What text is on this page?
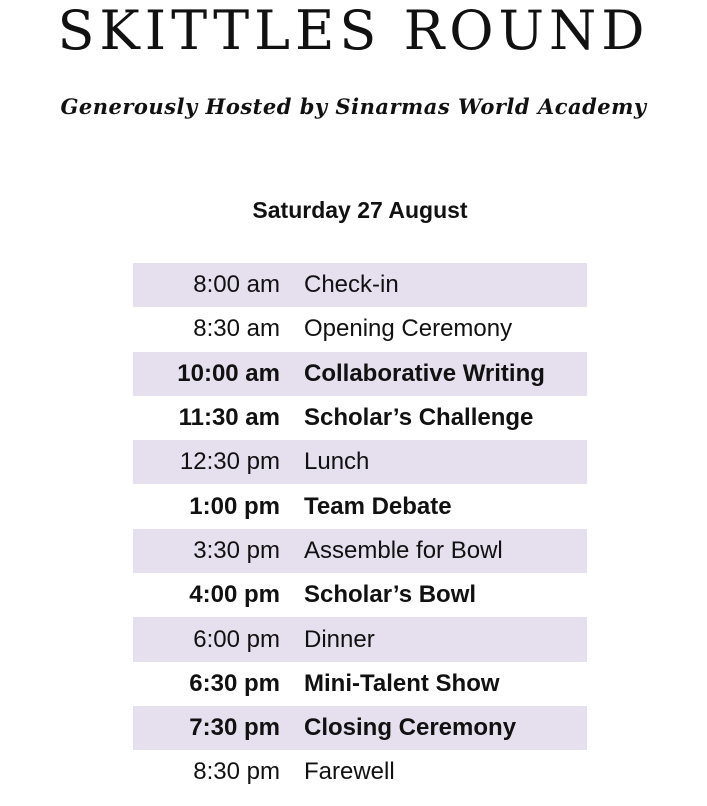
SKITTLES ROUND
Generously Hosted by Sinarmas World Academy
Saturday 27 August
8:00 am	Check-in
8:30 am	Opening Ceremony
10:00 am	Collaborative Writing
11:30 am	Scholar’s Challenge
12:30 pm	Lunch
1:00 pm	Team Debate
3:30 pm	Assemble for Bowl
4:00 pm	Scholar’s Bowl
6:00 pm	Dinner
6:30 pm	Mini-Talent Show
7:30 pm	Closing Ceremony
8:30 pm	Farewell
